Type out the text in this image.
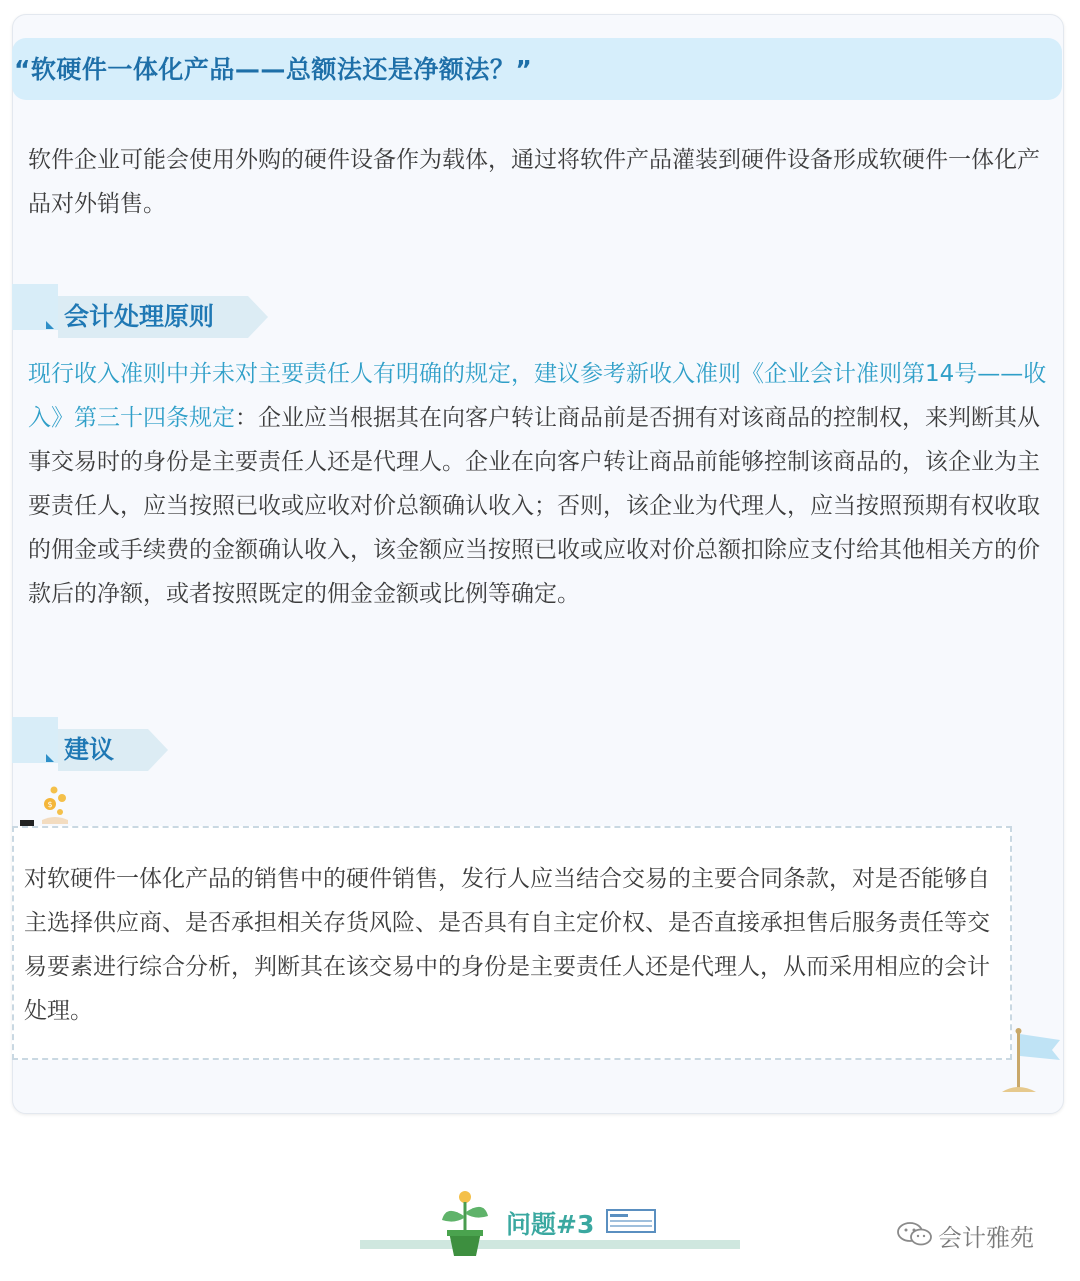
“软硬件一体化产品——总额法还是净额法？”

软件企业可能会使用外购的硬件设备作为载体，通过将软件产品灌装到硬件设备形成软硬件一体化产品对外销售。

会计处理原则

现行收入准则中并未对主要责任人有明确的规定，建议参考新收入准则《企业会计准则第14号——收入》第三十四条规定：企业应当根据其在向客户转让商品前是否拥有对该商品的控制权，来判断其从事交易时的身份是主要责任人还是代理人。企业在向客户转让商品前能够控制该商品的，该企业为主要责任人，应当按照已收或应收对价总额确认收入；否则，该企业为代理人，应当按照预期有权收取的佣金或手续费的金额确认收入，该金额应当按照已收或应收对价总额扣除应支付给其他相关方的价款后的净额，或者按照既定的佣金金额或比例等确定。

建议
$

对软硬件一体化产品的销售中的硬件销售，发行人应当结合交易的主要合同条款，对是否能够自主选择供应商、是否承担相关存货风险、是否具有自主定价权、是否直接承担售后服务责任等交易要素进行综合分析，判断其在该交易中的身份是主要责任人还是代理人，从而采用相应的会计处理。

问题#3	会计雅苑
